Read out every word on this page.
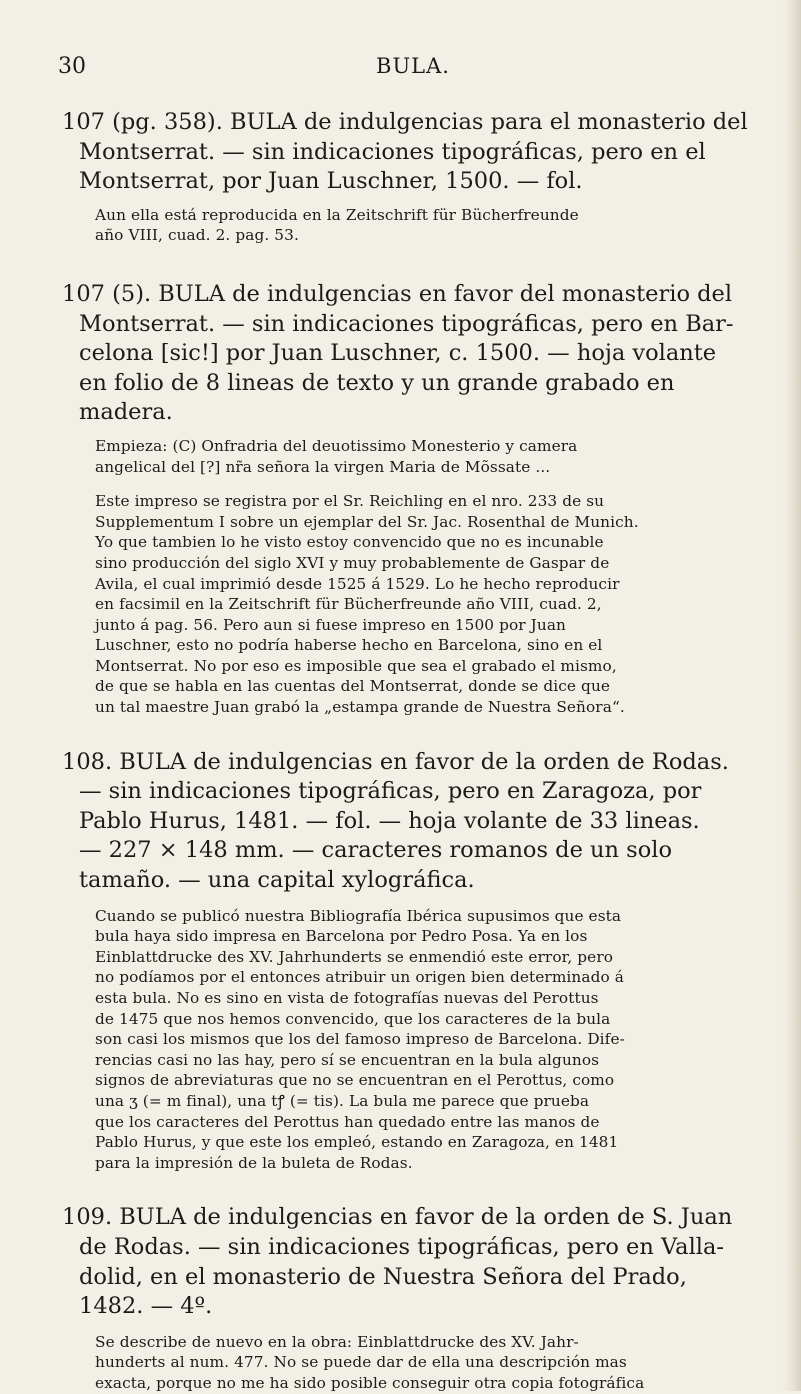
30	BULA.
107 (pg. 358). BULA de indulgencias para el monasterio del
Montserrat. — sin indicaciones tipográficas, pero en el
Montserrat, por Juan Luschner, 1500. — fol.
Aun ella está reproducida en la Zeitschrift für Bücherfreunde
año VIII, cuad. 2. pag. 53.
107 (5). BULA de indulgencias en favor del monasterio del
Montserrat. — sin indicaciones tipográficas, pero en Bar-
celona [sic!] por Juan Luschner, c. 1500. — hoja volante
en folio de 8 lineas de texto y un grande grabado en
madera.
Empieza: (C) Onfradria del deuotissimo Monesterio y camera
angelical del [?] nr̃a señora la virgen Maria de Mõssate ...
Este impreso se registra por el Sr. Reichling en el nro. 233 de su
Supplementum I sobre un ejemplar del Sr. Jac. Rosenthal de Munich.
Yo que tambien lo he visto estoy convencido que no es incunable
sino producción del siglo XVI y muy probablemente de Gaspar de
Avila, el cual imprimió desde 1525 á 1529. Lo he hecho reproducir
en facsimil en la Zeitschrift für Bücherfreunde año VIII, cuad. 2,
junto á pag. 56. Pero aun si fuese impreso en 1500 por Juan
Luschner, esto no podría haberse hecho en Barcelona, sino en el
Montserrat. No por eso es imposible que sea el grabado el mismo,
de que se habla en las cuentas del Montserrat, donde se dice que
un tal maestre Juan grabó la „estampa grande de Nuestra Señora“.
108. BULA de indulgencias en favor de la orden de Rodas.
— sin indicaciones tipográficas, pero en Zaragoza, por
Pablo Hurus, 1481. — fol. — hoja volante de 33 lineas.
— 227 × 148 mm. — caracteres romanos de un solo
tamaño. — una capital xylográfica.
Cuando se publicó nuestra Bibliografía Ibérica supusimos que esta
bula haya sido impresa en Barcelona por Pedro Posa. Ya en los
Einblattdrucke des XV. Jahrhunderts se enmendió este error, pero
no podíamos por el entonces atribuir un origen bien determinado á
esta bula. No es sino en vista de fotografías nuevas del Perottus
de 1475 que nos hemos convencido, que los caracteres de la bula
son casi los mismos que los del famoso impreso de Barcelona. Dife-
rencias casi no las hay, pero sí se encuentran en la bula algunos
signos de abreviaturas que no se encuentran en el Perottus, como
una ʒ (= m final), una tꝭ (= tis). La bula me parece que prueba
que los caracteres del Perottus han quedado entre las manos de
Pablo Hurus, y que este los empleó, estando en Zaragoza, en 1481
para la impresión de la buleta de Rodas.
109. BULA de indulgencias en favor de la orden de S. Juan
de Rodas. — sin indicaciones tipográficas, pero en Valla-
dolid, en el monasterio de Nuestra Señora del Prado,
1482. — 4º.
Se describe de nuevo en la obra: Einblattdrucke des XV. Jahr-
hunderts al num. 477. No se puede dar de ella una descripción mas
exacta, porque no me ha sido posible conseguir otra copia fotográfica
